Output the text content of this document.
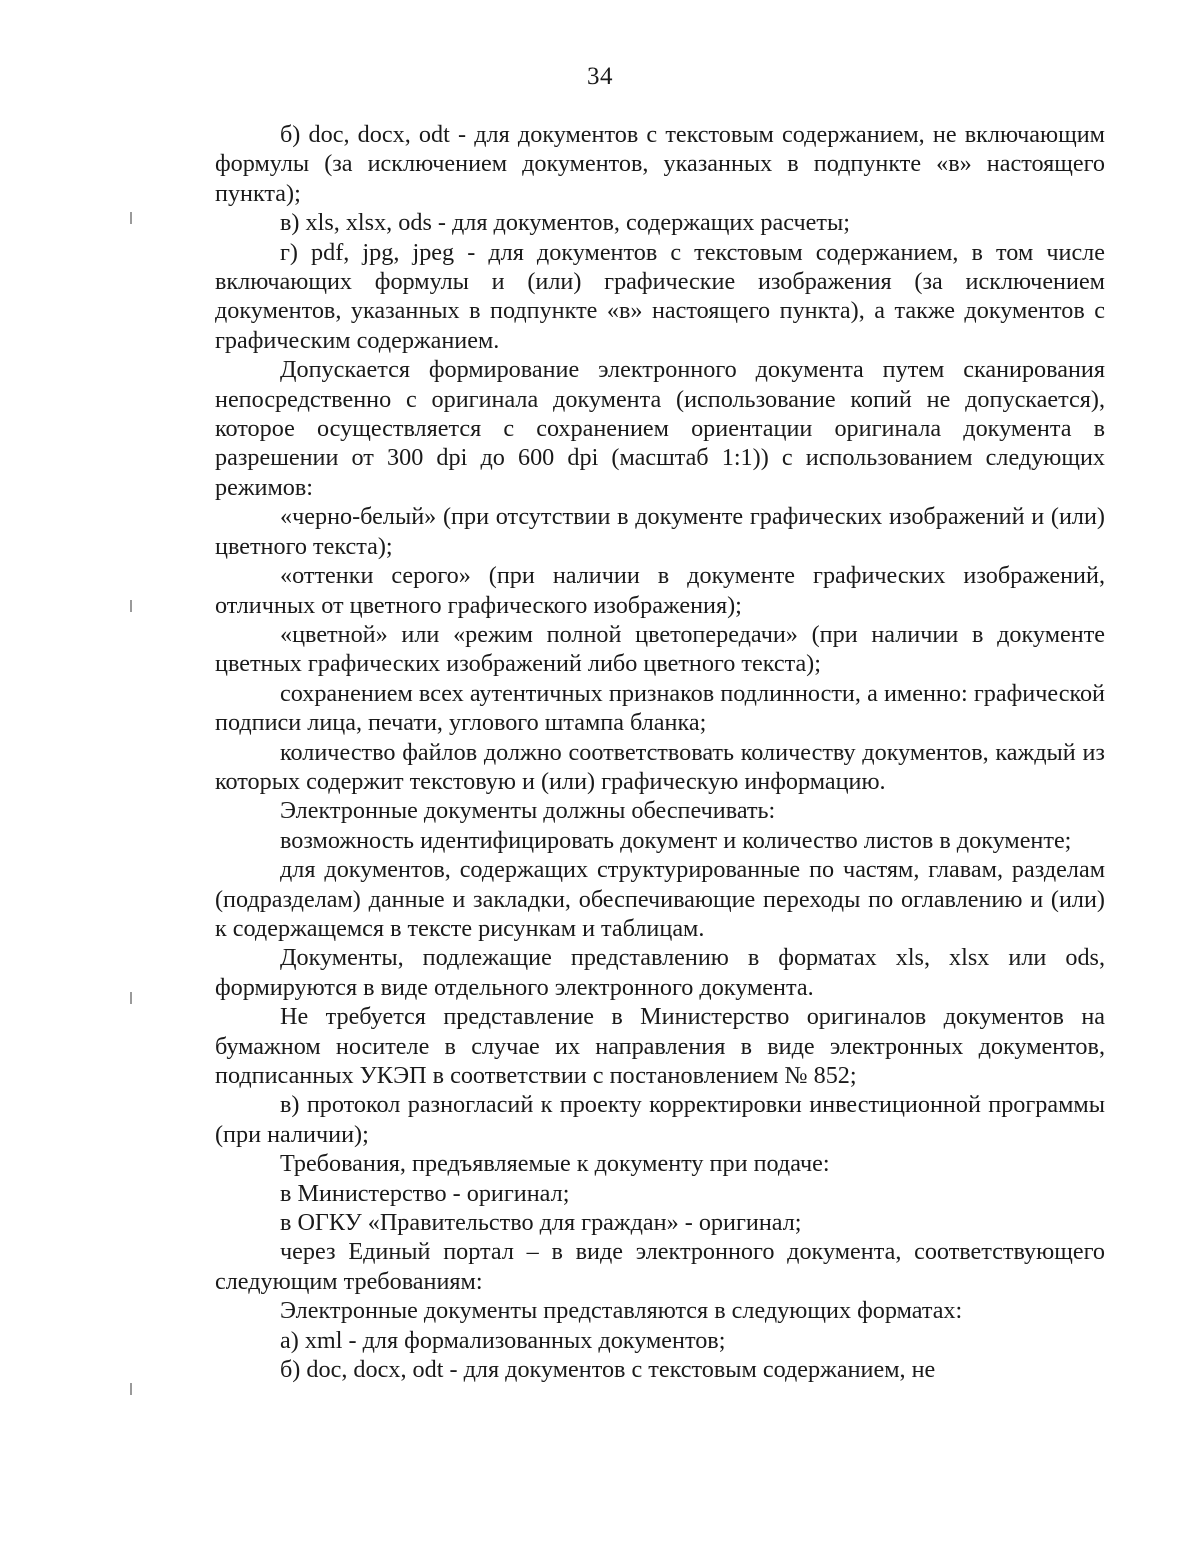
34

б) doc, docx, odt - для документов с текстовым содержанием, не включающим формулы (за исключением документов, указанных в подпункте «в» настоящего пункта);

в) xls, xlsx, ods - для документов, содержащих расчеты;

г) pdf, jpg, jpeg - для документов с текстовым содержанием, в том числе включающих формулы и (или) графические изображения (за исключением документов, указанных в подпункте «в» настоящего пункта), а также документов с графическим содержанием.

Допускается формирование электронного документа путем сканирования непосредственно с оригинала документа (использование копий не допускается), которое осуществляется с сохранением ориентации оригинала документа в разрешении от 300 dpi до 600 dpi (масштаб 1:1)) с использованием следующих режимов:

«черно-белый» (при отсутствии в документе графических изображений и (или) цветного текста);

«оттенки серого» (при наличии в документе графических изображений, отличных от цветного графического изображения);

«цветной» или «режим полной цветопередачи» (при наличии в документе цветных графических изображений либо цветного текста);

сохранением всех аутентичных признаков подлинности, а именно: графической подписи лица, печати, углового штампа бланка;

количество файлов должно соответствовать количеству документов, каждый из которых содержит текстовую и (или) графическую информацию.

Электронные документы должны обеспечивать:

возможность идентифицировать документ и количество листов в документе;

для документов, содержащих структурированные по частям, главам, разделам (подразделам) данные и закладки, обеспечивающие переходы по оглавлению и (или) к содержащемся в тексте рисункам и таблицам.

Документы, подлежащие представлению в форматах xls, xlsx или ods, формируются в виде отдельного электронного документа.

Не требуется представление в Министерство оригиналов документов на бумажном носителе в случае их направления в виде электронных документов, подписанных УКЭП в соответствии с постановлением № 852;

в) протокол разногласий к проекту корректировки инвестиционной программы (при наличии);

Требования, предъявляемые к документу при подаче:

в Министерство - оригинал;

в ОГКУ «Правительство для граждан» - оригинал;

через Единый портал – в виде электронного документа, соответствующего следующим требованиям:

Электронные документы представляются в следующих форматах:

а) xml - для формализованных документов;

б) doc, docx, odt - для документов с текстовым содержанием, не
